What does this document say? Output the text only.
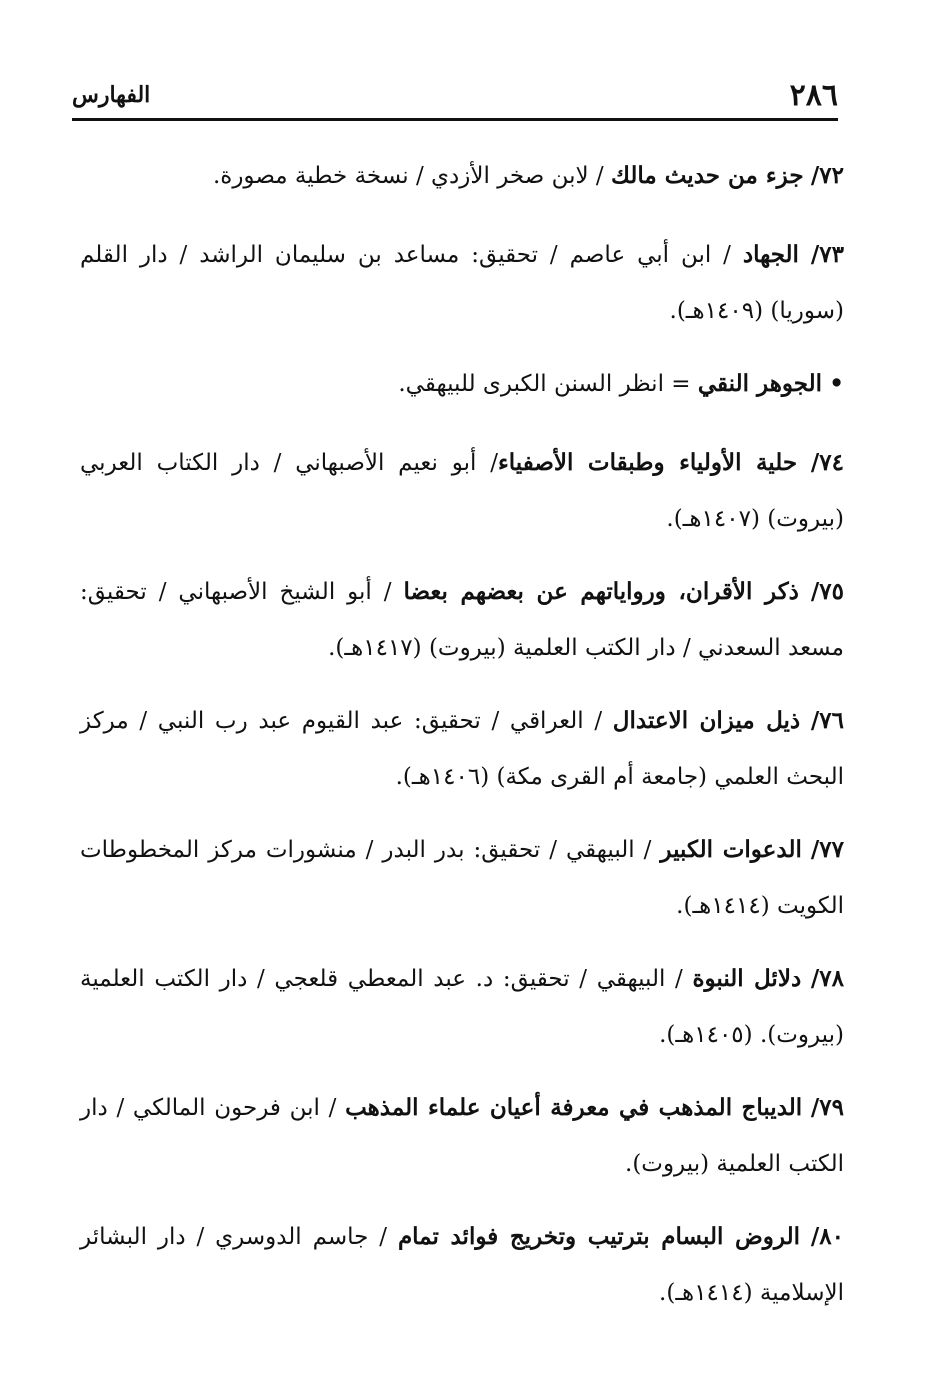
٢٨٦
الفهارس

٧٢/ جزء من حديث مالك / لابن صخر الأزدي / نسخة خطية مصورة.

٧٣/ الجهاد / ابن أبي عاصم / تحقيق: مساعد بن سليمان الراشد / دار القلم (سوريا) (١٤٠٩هـ).

• الجوهر النقي = انظر السنن الكبرى للبيهقي.

٧٤/ حلية الأولياء وطبقات الأصفياء/ أبو نعيم الأصبهاني / دار الكتاب العربي (بيروت) (١٤٠٧هـ).

٧٥/ ذكر الأقران، ورواياتهم عن بعضهم بعضا / أبو الشيخ الأصبهاني / تحقيق: مسعد السعدني / دار الكتب العلمية (بيروت) (١٤١٧هـ).

٧٦/ ذيل ميزان الاعتدال / العراقي / تحقيق: عبد القيوم عبد رب النبي / مركز البحث العلمي (جامعة أم القرى مكة) (١٤٠٦هـ).

٧٧/ الدعوات الكبير / البيهقي / تحقيق: بدر البدر / منشورات مركز المخطوطات الكويت (١٤١٤هـ).

٧٨/ دلائل النبوة / البيهقي / تحقيق: د. عبد المعطي قلعجي / دار الكتب العلمية (بيروت). (١٤٠٥هـ).

٧٩/ الديباج المذهب في معرفة أعيان علماء المذهب / ابن فرحون المالكي / دار الكتب العلمية (بيروت).

٨٠/ الروض البسام بترتيب وتخريج فوائد تمام / جاسم الدوسري / دار البشائر الإسلامية (١٤١٤هـ).
